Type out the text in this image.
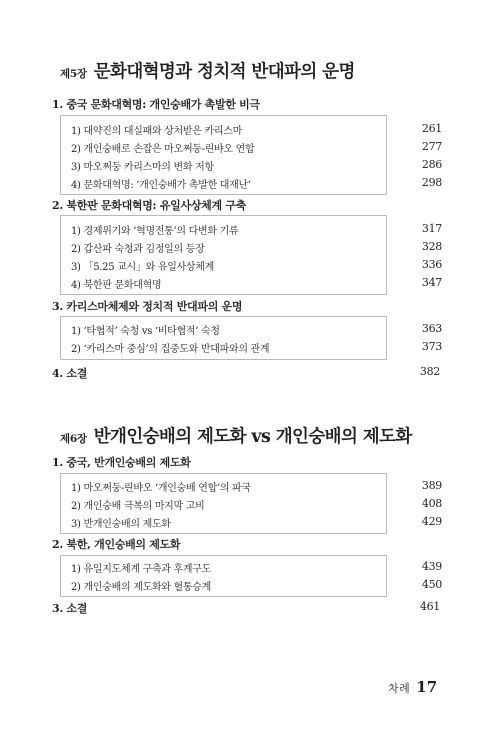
제5장 문화대혁명과 정치적 반대파의 운명
1. 중국 문화대혁명: 개인숭배가 촉발한 비극
1) 대약진의 대실패와 상처받은 카리스마	261
2) 개인숭배로 손잡은 마오쩌둥-린뱌오 연합	277
3) 마오쩌둥 카리스마의 변화 저항	286
4) 문화대혁명: ‘개인숭배가 촉발한 대재난’	298
2. 북한판 문화대혁명: 유일사상체계 구축
1) 경제위기와 ‘혁명전통’의 다변화 기류	317
2) 갑산파 숙청과 김정일의 등장	328
3) 「5.25 교시」와 유일사상체계	336
4) 북한판 문화대혁명	347
3. 카리스마체제와 정치적 반대파의 운명
1) ‘타협적’ 숙청 vs ‘비타협적’ 숙청	363
2) ‘카리스마 중심’의 집중도와 반대파와의 관계	373
4. 소결	382
제6장 반개인숭배의 제도화 vs 개인숭배의 제도화
1. 중국, 반개인숭배의 제도화
1) 마오쩌둥-린뱌오 ‘개인숭배 연합’의 파국	389
2) 개인숭배 극복의 마지막 고비	408
3) 반개인숭배의 제도화	429
2. 북한, 개인숭배의 제도화
1) 유일지도체계 구축과 후계구도	439
2) 개인숭배의 제도화와 혈통승계	450
3. 소결	461
차례 17
